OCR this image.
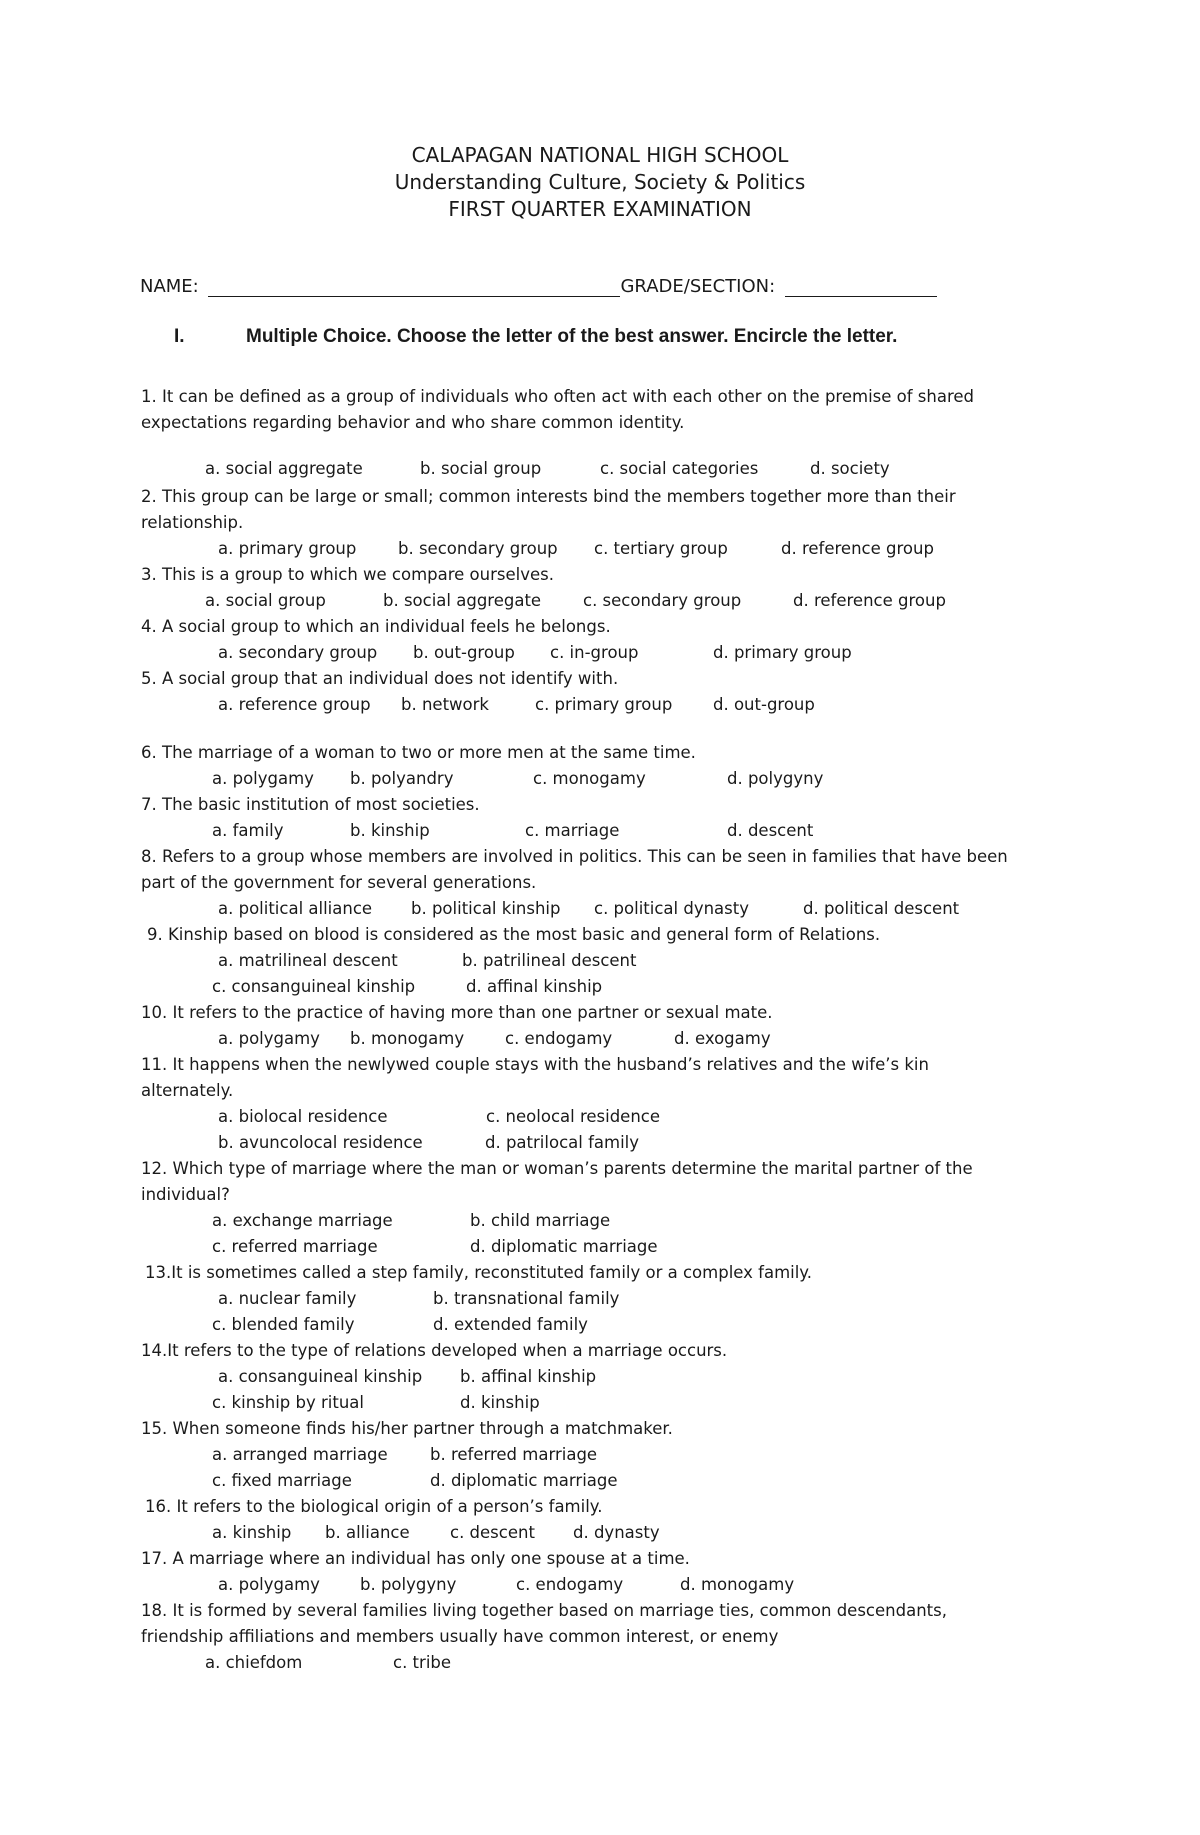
CALAPAGAN NATIONAL HIGH SCHOOL
Understanding Culture, Society & Politics
FIRST QUARTER EXAMINATION
NAME:	GRADE/SECTION:
I.	Multiple Choice. Choose the letter of the best answer. Encircle the letter.
1. It can be defined as a group of individuals who often act with each other on the premise of shared
expectations regarding behavior and who share common identity.
a. social aggregate	b. social group	c. social categories	d. society
2. This group can be large or small; common interests bind the members together more than their
relationship.
a. primary group	b. secondary group c. tertiary group	d. reference group
3. This is a group to which we compare ourselves.
a. social group	b. social aggregate	c. secondary group	d. reference group
4. A social group to which an individual feels he belongs.
a. secondary group b. out-group c. in-group	d. primary group
5. A social group that an individual does not identify with.
a. reference group b. network	c. primary group d. out-group
6. The marriage of a woman to two or more men at the same time.
a. polygamy b. polyandry	c. monogamy	d. polygyny
7. The basic institution of most societies.
a. family	b. kinship	c. marriage	d. descent
8. Refers to a group whose members are involved in politics. This can be seen in families that have been
part of the government for several generations.
a. political alliance b. political kinship c. political dynasty	d. political descent
9. Kinship based on blood is considered as the most basic and general form of Relations.
a. matrilineal descent	b. patrilineal descent
c. consanguineal kinship	d. affinal kinship
10. It refers to the practice of having more than one partner or sexual mate.
a. polygamy b. monogamy c. endogamy	d. exogamy
11. It happens when the newlywed couple stays with the husband’s relatives and the wife’s kin
alternately.
a. biolocal residence	c. neolocal residence
b. avuncolocal residence	d. patrilocal family
12. Which type of marriage where the man or woman’s parents determine the marital partner of the
individual?
a. exchange marriage	b. child marriage
c. referred marriage	d. diplomatic marriage
13.It is sometimes called a step family, reconstituted family or a complex family.
a. nuclear family	b. transnational family
c. blended family	d. extended family
14.It refers to the type of relations developed when a marriage occurs.
a. consanguineal kinship b. affinal kinship
c. kinship by ritual	d. kinship
15. When someone finds his/her partner through a matchmaker.
a. arranged marriage	b. referred marriage
c. fixed marriage	d. diplomatic marriage
16. It refers to the biological origin of a person’s family.
a. kinship b. alliance c. descent d. dynasty
17. A marriage where an individual has only one spouse at a time.
a. polygamy b. polygyny	c. endogamy	d. monogamy
18. It is formed by several families living together based on marriage ties, common descendants,
friendship affiliations and members usually have common interest, or enemy
a. chiefdom	c. tribe
